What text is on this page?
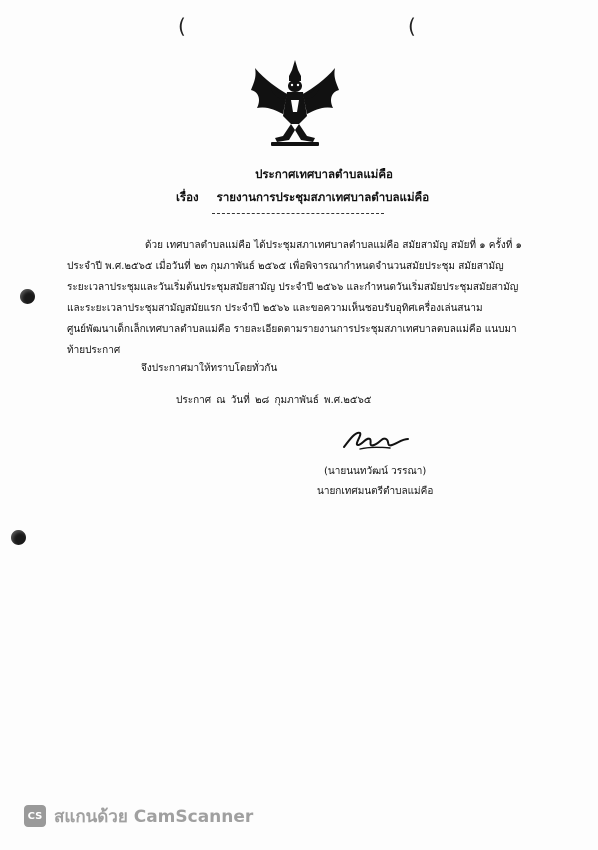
(	(
ประกาศเทศบาลตำบลแม่คือ
เรื่อง รายงานการประชุมสภาเทศบาลตำบลแม่คือ
ด้วย เทศบาลตำบลแม่คือ ได้ประชุมสภาเทศบาลตำบลแม่คือ สมัยสามัญ สมัยที่ ๑ ครั้งที่ ๑
ประจำปี พ.ศ.๒๕๖๕ เมื่อวันที่ ๒๓ กุมภาพันธ์ ๒๕๖๕ เพื่อพิจารณากำหนดจำนวนสมัยประชุม สมัยสามัญ
ระยะเวลาประชุมและวันเริ่มต้นประชุมสมัยสามัญ ประจำปี ๒๕๖๖ และกำหนดวันเริ่มสมัยประชุมสมัยสามัญ
และระยะเวลาประชุมสามัญสมัยแรก ประจำปี ๒๕๖๖ และขอความเห็นชอบรับอุทิศเครื่องเล่นสนาม
ศูนย์พัฒนาเด็กเล็กเทศบาลตำบลแม่คือ รายละเอียดตามรายงานการประชุมสภาเทศบาลตบลแม่คือ แนบมา
ท้ายประกาศ
จึงประกาศมาให้ทราบโดยทั่วกัน
ประกาศ ณ วันที่ ๒๘ กุมภาพันธ์ พ.ศ.๒๕๖๕
(นายนนทวัฒน์ วรรณา)
นายกเทศมนตรีตำบลแม่คือ
CS สแกนด้วย CamScanner
